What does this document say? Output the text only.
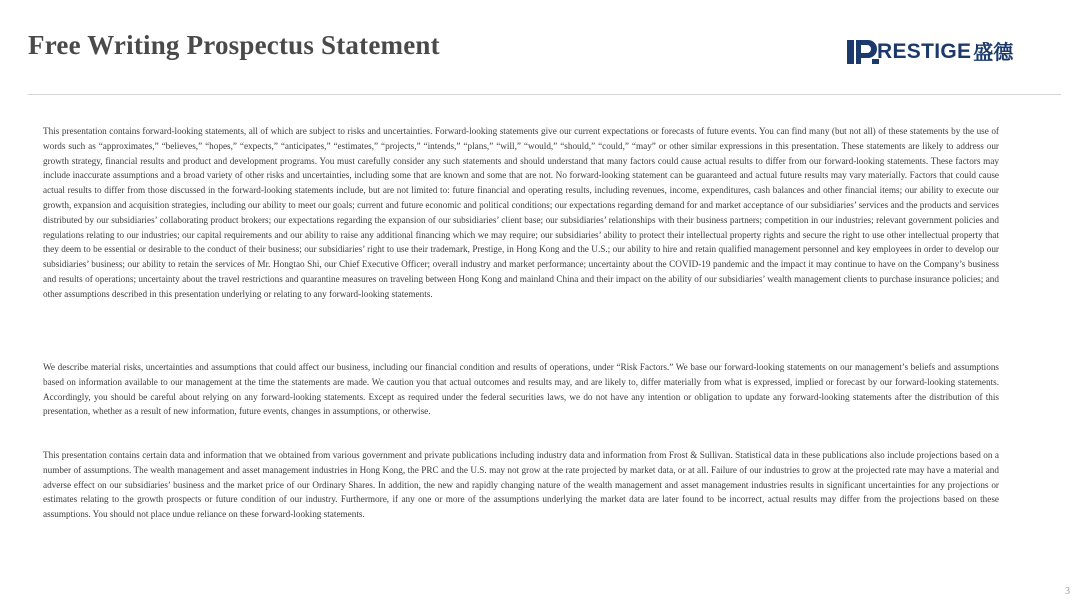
Free Writing Prospectus Statement	RESTIGE 盛德

This presentation contains forward-looking statements, all of which are subject to risks and uncertainties. Forward-looking statements give our current expectations or forecasts of future events. You can find many (but not all) of these statements by the use of words such as “approximates,” “believes,” “hopes,” “expects,” “anticipates,” “estimates,” “projects,” “intends,” “plans,” “will,” “would,” “should,” “could,” “may” or other similar expressions in this presentation. These statements are likely to address our growth strategy, financial results and product and development programs. You must carefully consider any such statements and should understand that many factors could cause actual results to differ from our forward-looking statements. These factors may include inaccurate assumptions and a broad variety of other risks and uncertainties, including some that are known and some that are not. No forward-looking statement can be guaranteed and actual future results may vary materially. Factors that could cause actual results to differ from those discussed in the forward-looking statements include, but are not limited to: future financial and operating results, including revenues, income, expenditures, cash balances and other financial items; our ability to execute our growth, expansion and acquisition strategies, including our ability to meet our goals; current and future economic and political conditions; our expectations regarding demand for and market acceptance of our subsidiaries’ services and the products and services distributed by our subsidiaries’ collaborating product brokers; our expectations regarding the expansion of our subsidiaries’ client base; our subsidiaries’ relationships with their business partners; competition in our industries; relevant government policies and regulations relating to our industries; our capital requirements and our ability to raise any additional financing which we may require; our subsidiaries’ ability to protect their intellectual property rights and secure the right to use other intellectual property that they deem to be essential or desirable to the conduct of their business; our subsidiaries’ right to use their trademark, Prestige, in Hong Kong and the U.S.; our ability to hire and retain qualified management personnel and key employees in order to develop our subsidiaries’ business; our ability to retain the services of Mr. Hongtao Shi, our Chief Executive Officer; overall industry and market performance; uncertainty about the COVID-19 pandemic and the impact it may continue to have on the Company’s business and results of operations; uncertainty about the travel restrictions and quarantine measures on traveling between Hong Kong and mainland China and their impact on the ability of our subsidiaries’ wealth management clients to purchase insurance policies; and other assumptions described in this presentation underlying or relating to any forward-looking statements.

We describe material risks, uncertainties and assumptions that could affect our business, including our financial condition and results of operations, under “Risk Factors.” We base our forward-looking statements on our management’s beliefs and assumptions based on information available to our management at the time the statements are made. We caution you that actual outcomes and results may, and are likely to, differ materially from what is expressed, implied or forecast by our forward-looking statements. Accordingly, you should be careful about relying on any forward-looking statements. Except as required under the federal securities laws, we do not have any intention or obligation to update any forward-looking statements after the distribution of this presentation, whether as a result of new information, future events, changes in assumptions, or otherwise.

This presentation contains certain data and information that we obtained from various government and private publications including industry data and information from Frost & Sullivan. Statistical data in these publications also include projections based on a number of assumptions. The wealth management and asset management industries in Hong Kong, the PRC and the U.S. may not grow at the rate projected by market data, or at all. Failure of our industries to grow at the projected rate may have a material and adverse effect on our subsidiaries’ business and the market price of our Ordinary Shares. In addition, the new and rapidly changing nature of the wealth management and asset management industries results in significant uncertainties for any projections or estimates relating to the growth prospects or future condition of our industry. Furthermore, if any one or more of the assumptions underlying the market data are later found to be incorrect, actual results may differ from the projections based on these assumptions. You should not place undue reliance on these forward-looking statements.

3
